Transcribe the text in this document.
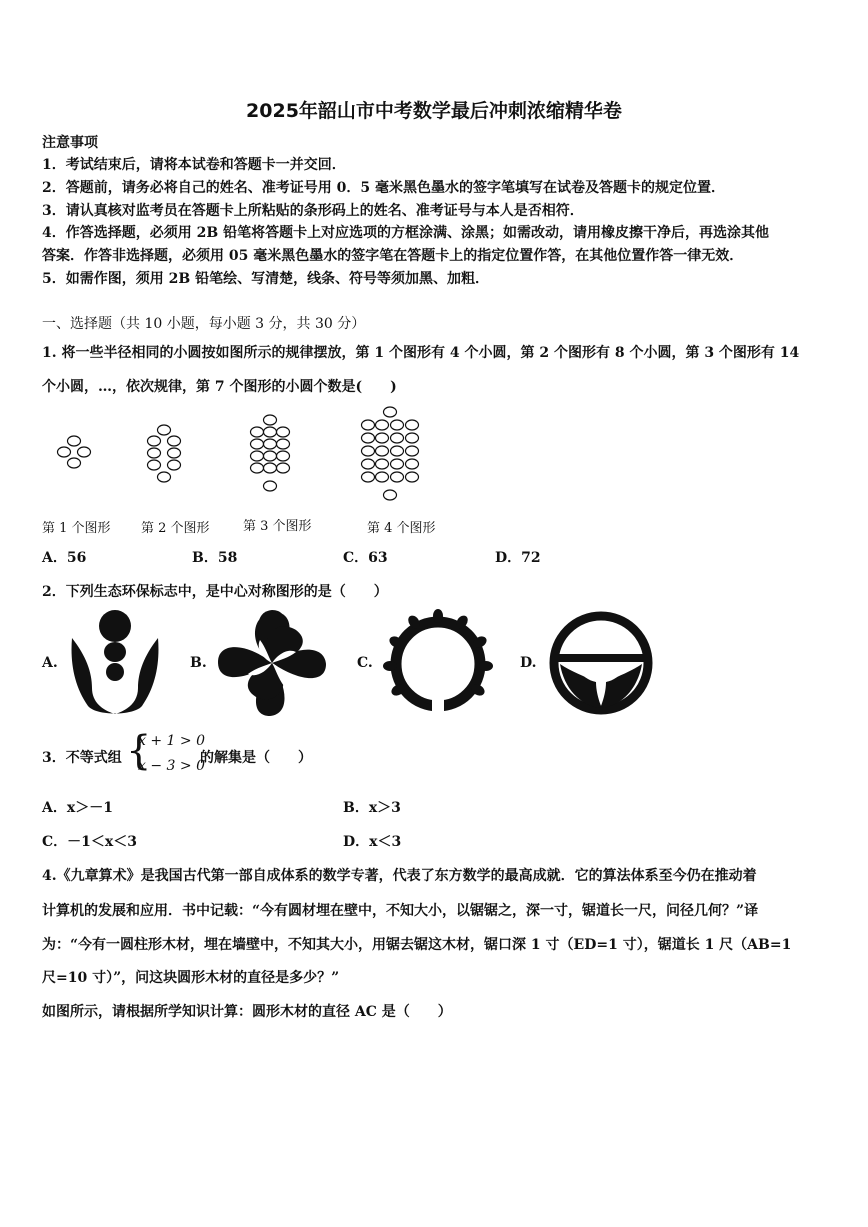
2025年韶山市中考数学最后冲刺浓缩精华卷
注意事项
1．考试结束后，请将本试卷和答题卡一并交回．
2．答题前，请务必将自己的姓名、准考证号用 0．5 毫米黑色墨水的签字笔填写在试卷及答题卡的规定位置．
3．请认真核对监考员在答题卡上所粘贴的条形码上的姓名、准考证号与本人是否相符．
4．作答选择题，必须用 2B 铅笔将答题卡上对应选项的方框涂满、涂黑；如需改动，请用橡皮擦干净后，再选涂其他
答案．作答非选择题，必须用 05 毫米黑色墨水的签字笔在答题卡上的指定位置作答，在其他位置作答一律无效．
5．如需作图，须用 2B 铅笔绘、写清楚，线条、符号等须加黑、加粗．
一、选择题（共 10 小题，每小题 3 分，共 30 分）
1. 将一些半径相同的小圆按如图所示的规律摆放，第 1 个图形有 4 个小圆，第 2 个图形有 8 个小圆，第 3 个图形有 14
个小圆，…，依次规律，第 7 个图形的小圆个数是(　　)
第 1 个图形 第 2 个图形	第 3 个图形	第 4 个图形
A．56	B．58	C．63	D．72
2．下列生态环保标志中，是中心对称图形的是（　　）
A.	B.	C.	D.
3．不等式组 {
x + 1 > 0
x − 3 > 0
的解集是（　　）
A．x＞－1	B．x＞3
C．－1＜x＜3	D．x＜3
4.《九章算术》是我国古代第一部自成体系的数学专著，代表了东方数学的最高成就．它的算法体系至今仍在推动着
计算机的发展和应用．书中记载：“今有圆材埋在壁中，不知大小，以锯锯之，深一寸，锯道长一尺，问径几何？”译
为：“今有一圆柱形木材，埋在墙壁中，不知其大小，用锯去锯这木材，锯口深 1 寸（ED=1 寸），锯道长 1 尺（AB=1
尺=10 寸）”，问这块圆形木材的直径是多少？”
如图所示，请根据所学知识计算：圆形木材的直径 AC 是（　　）
